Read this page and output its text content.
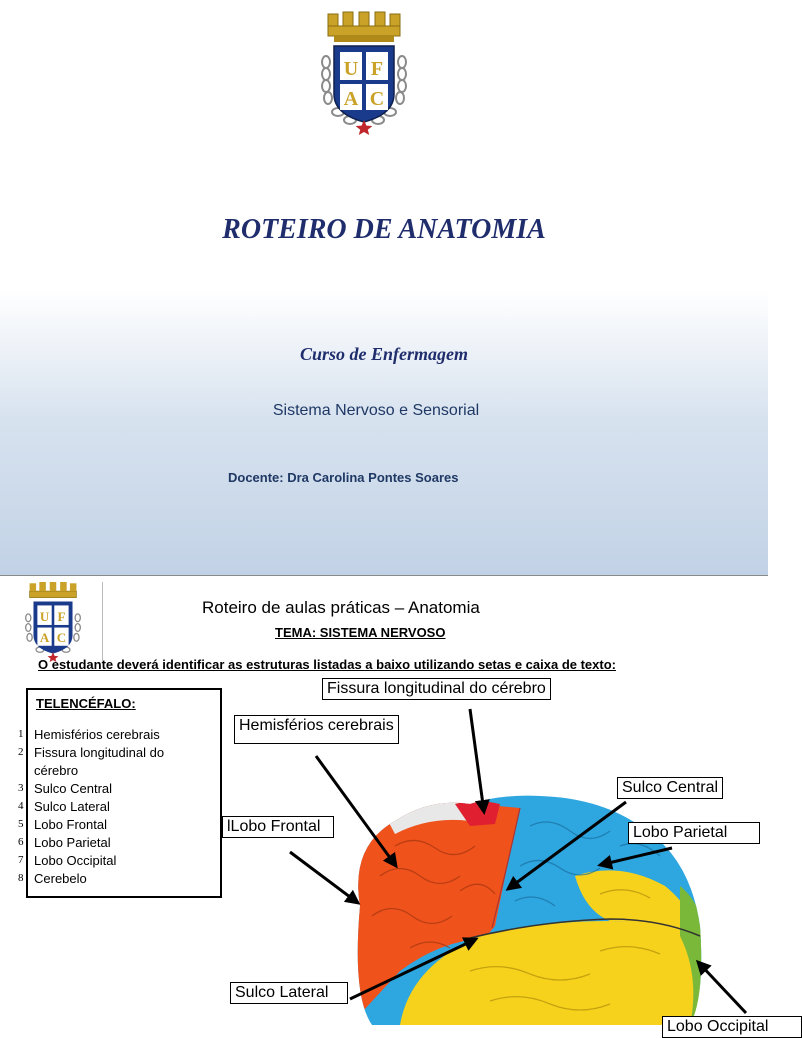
U F
A C
ROTEIRO DE ANATOMIA
Curso de Enfermagem
Sistema Nervoso e Sensorial
Docente: Dra Carolina Pontes Soares
U F
A C
Roteiro de aulas práticas – Anatomia
TEMA: SISTEMA NERVOSO
O estudante deverá identificar as estruturas listadas a baixo utilizando setas e caixa de texto:
TELENCÉFALO:
1 Hemisférios cerebrais
2 Fissura longitudinal do
cérebro
3 Sulco Central
4 Sulco Lateral
5 Lobo Frontal
6 Lobo Parietal
7 Lobo Occipital
8 Cerebelo
Fissura longitudinal do cérebro
Hemisférios cerebrais
Sulco Central
Lobo Parietal
lLobo Frontal
Sulco Lateral
Lobo Occipital
